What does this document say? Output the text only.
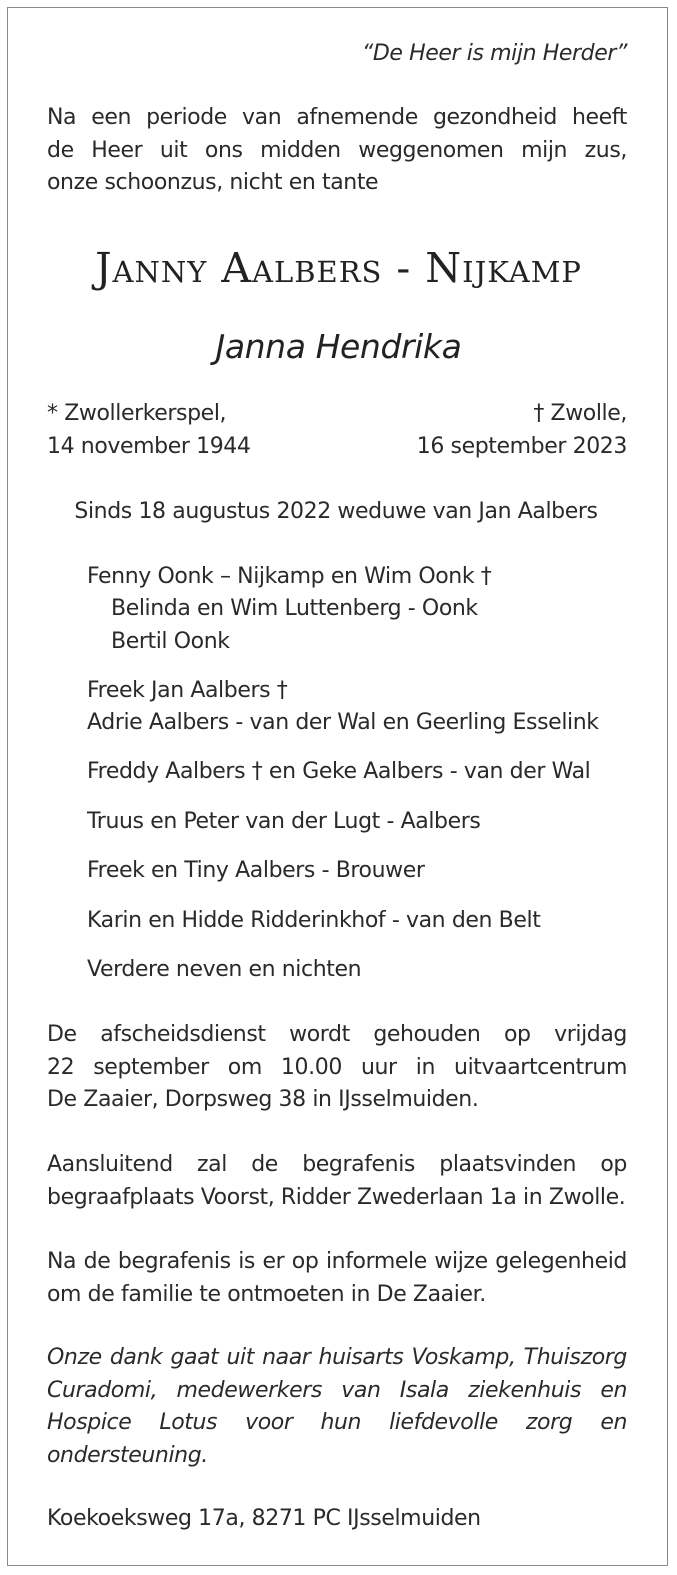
“De Heer is mijn Herder”

Na een periode van afnemende gezondheid heeft
de Heer uit ons midden weggenomen mijn zus,
onze schoonzus, nicht en tante

Janny Aalbers - Nijkamp

Janna Hendrika

* Zwollerkerspel,

14 november 1944

† Zwolle,

16 september 2023

Sinds 18 augustus 2022 weduwe van Jan Aalbers

Fenny Oonk – Nijkamp en Wim Oonk †

Belinda en Wim Luttenberg - Oonk

Bertil Oonk

Freek Jan Aalbers †

Adrie Aalbers - van der Wal en Geerling Esselink

Freddy Aalbers † en Geke Aalbers - van der Wal

Truus en Peter van der Lugt - Aalbers

Freek en Tiny Aalbers - Brouwer

Karin en Hidde Ridderinkhof - van den Belt

Verdere neven en nichten

De afscheidsdienst wordt gehouden op vrijdag
22 september om 10.00 uur in uitvaartcentrum
De Zaaier, Dorpsweg 38 in IJsselmuiden.
Aansluitend zal de begrafenis plaatsvinden op
begraafplaats Voorst, Ridder Zwederlaan 1a in Zwolle.
Na de begrafenis is er op informele wijze gelegenheid
om de familie te ontmoeten in De Zaaier.
Onze dank gaat uit naar huisarts Voskamp, Thuiszorg
Curadomi, medewerkers van Isala ziekenhuis en
Hospice Lotus voor hun liefdevolle zorg en
ondersteuning.

Koekoeksweg 17a, 8271 PC IJsselmuiden
